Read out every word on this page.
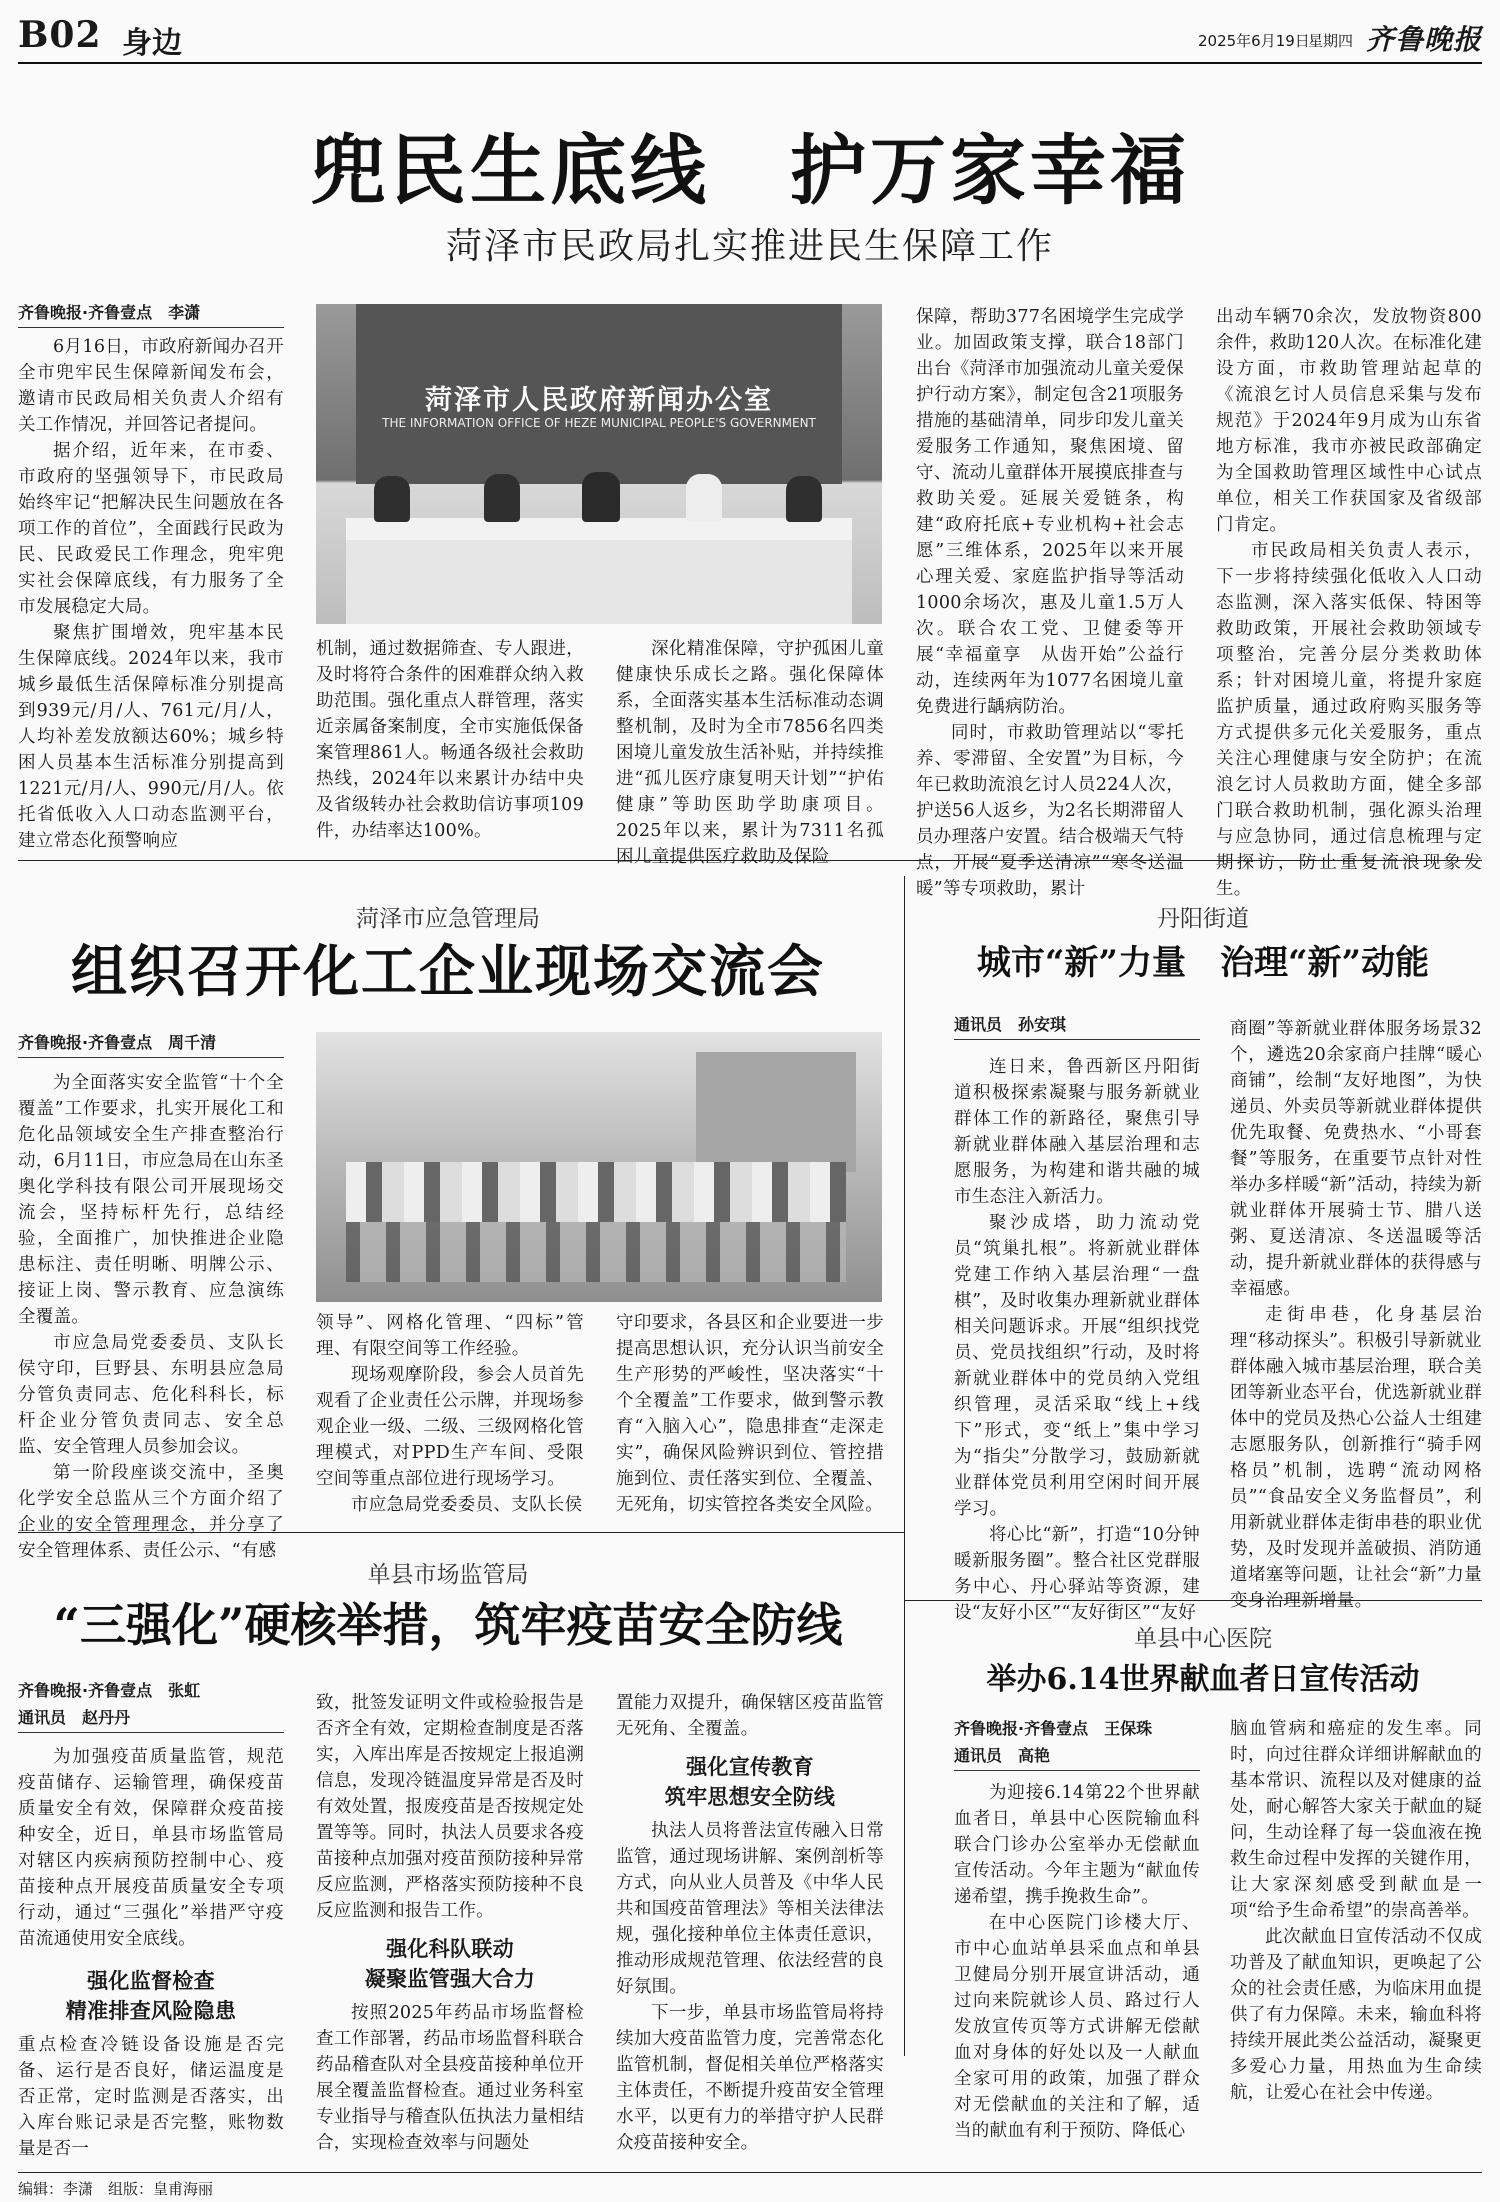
B02 身边	2025年6月19日
星期四 齐鲁晚报
兜民生底线　护万家幸福
菏泽市民政局扎实推进民生保障工作
齐鲁晚报·齐鲁壹点　李潇

6月16日，市政府新闻办召开全市兜牢民生保障新闻发布会，邀请市民政局相关负责人介绍有关工作情况，并回答记者提问。

据介绍，近年来，在市委、市政府的坚强领导下，市民政局始终牢记“把解决民生问题放在各项工作的首位”，全面践行民政为民、民政爱民工作理念，兜牢兜实社会保障底线，有力服务了全市发展稳定大局。

聚焦扩围增效，兜牢基本民生保障底线。2024年以来，我市城乡最低生活保障标准分别提高到939元/月/人、761元/月/人，人均补差发放额达60%；城乡特困人员基本生活标准分别提高到1221元/月/人、990元/月/人。依托省低收入人口动态监测平台，建立常态化预警响应

菏泽市人民政府新闻办公室
THE INFORMATION OFFICE OF HEZE MUNICIPAL PEOPLE'S GOVERNMENT
机制，通过数据筛查、专人跟进，及时将符合条件的困难群众纳入救助范围。强化重点人群管理，落实近亲属备案制度，全市实施低保备案管理861人。畅通各级社会救助热线，2024年以来累计办结中央及省级转办社会救助信访事项109件，办结率达100%。

深化精准保障，守护孤困儿童健康快乐成长之路。强化保障体系，全面落实基本生活标准动态调整机制，及时为全市7856名四类困境儿童发放生活补贴，并持续推进“孤儿医疗康复明天计划”“护佑健康”等助医助学助康项目。2025年以来，累计为7311名孤困儿童提供医疗救助及保险

保障，帮助377名困境学生完成学业。加固政策支撑，联合18部门出台《菏泽市加强流动儿童关爱保护行动方案》，制定包含21项服务措施的基础清单，同步印发儿童关爱服务工作通知，聚焦困境、留守、流动儿童群体开展摸底排查与救助关爱。延展关爱链条，构建“政府托底+专业机构+社会志愿”三维体系，2025年以来开展心理关爱、家庭监护指导等活动1000余场次，惠及儿童1.5万人次。联合农工党、卫健委等开展“幸福童享　从齿开始”公益行动，连续两年为1077名困境儿童免费进行龋病防治。

同时，市救助管理站以“零托养、零滞留、全安置”为目标，今年已救助流浪乞讨人员224人次，护送56人返乡，为2名长期滞留人员办理落户安置。结合极端天气特点，开展“夏季送清凉”“寒冬送温暖”等专项救助，累计

出动车辆70余次，发放物资800余件，救助120人次。在标准化建设方面，市救助管理站起草的《流浪乞讨人员信息采集与发布规范》于2024年9月成为山东省地方标准，我市亦被民政部确定为全国救助管理区域性中心试点单位，相关工作获国家及省级部门肯定。

市民政局相关负责人表示，下一步将持续强化低收入人口动态监测，深入落实低保、特困等救助政策，开展社会救助领域专项整治，完善分层分类救助体系；针对困境儿童，将提升家庭监护质量，通过政府购买服务等方式提供多元化关爱服务，重点关注心理健康与安全防护；在流浪乞讨人员救助方面，健全多部门联合救助机制，强化源头治理与应急协同，通过信息梳理与定期探访，防止重复流浪现象发生。

菏泽市应急管理局
组织召开化工企业现场交流会
齐鲁晚报·齐鲁壹点　周千清

为全面落实安全监管“十个全覆盖”工作要求，扎实开展化工和危化品领域安全生产排查整治行动，6月11日，市应急局在山东圣奥化学科技有限公司开展现场交流会，坚持标杆先行，总结经验，全面推广，加快推进企业隐患标注、责任明晰、明牌公示、接证上岗、警示教育、应急演练全覆盖。

市应急局党委委员、支队长侯守印，巨野县、东明县应急局分管负责同志、危化科科长，标杆企业分管负责同志、安全总监、安全管理人员参加会议。

第一阶段座谈交流中，圣奥化学安全总监从三个方面介绍了企业的安全管理理念，并分享了安全管理体系、责任公示、“有感

领导”、网格化管理、“四标”管理、有限空间等工作经验。

现场观摩阶段，参会人员首先观看了企业责任公示牌，并现场参观企业一级、二级、三级网格化管理模式，对PPD生产车间、受限空间等重点部位进行现场学习。

市应急局党委委员、支队长侯

守印要求，各县区和企业要进一步提高思想认识，充分认识当前安全生产形势的严峻性，坚决落实“十个全覆盖”工作要求，做到警示教育“入脑入心”，隐患排查“走深走实”，确保风险辨识到位、管控措施到位、责任落实到位、全覆盖、无死角，切实管控各类安全风险。
丹阳街道
城市“新”力量　治理“新”动能
通讯员　孙安琪

连日来，鲁西新区丹阳街道积极探索凝聚与服务新就业群体工作的新路径，聚焦引导新就业群体融入基层治理和志愿服务，为构建和谐共融的城市生态注入新活力。

聚沙成塔，助力流动党员“筑巢扎根”。将新就业群体党建工作纳入基层治理“一盘棋”，及时收集办理新就业群体相关问题诉求。开展“组织找党员、党员找组织”行动，及时将新就业群体中的党员纳入党组织管理，灵活采取“线上+线下”形式，变“纸上”集中学习为“指尖”分散学习，鼓励新就业群体党员利用空闲时间开展学习。

将心比“新”，打造“10分钟暖新服务圈”。整合社区党群服务中心、丹心驿站等资源，建设“友好小区”“友好街区”“友好

商圈”等新就业群体服务场景32个，遴选20余家商户挂牌“暖心商铺”，绘制“友好地图”，为快递员、外卖员等新就业群体提供优先取餐、免费热水、“小哥套餐”等服务，在重要节点针对性举办多样暖“新”活动，持续为新就业群体开展骑士节、腊八送粥、夏送清凉、冬送温暖等活动，提升新就业群体的获得感与幸福感。

走街串巷，化身基层治理“移动探头”。积极引导新就业群体融入城市基层治理，联合美团等新业态平台，优选新就业群体中的党员及热心公益人士组建志愿服务队，创新推行“骑手网格员”机制，选聘“流动网格员”“食品安全义务监督员”，利用新就业群体走街串巷的职业优势，及时发现并盖破损、消防通道堵塞等问题，让社会“新”力量变身治理新增量。

单县市场监管局
“三强化”硬核举措，筑牢疫苗安全防线
齐鲁晚报·齐鲁壹点　张虹
通讯员　赵丹丹

为加强疫苗质量监管，规范疫苗储存、运输管理，确保疫苗质量安全有效，保障群众疫苗接种安全，近日，单县市场监管局对辖区内疾病预防控制中心、疫苗接种点开展疫苗质量安全专项行动，通过“三强化”举措严守疫苗流通使用安全底线。

强化监督检查
精准排查风险隐患

重点检查冷链设备设施是否完备、运行是否良好，储运温度是否正常，定时监测是否落实，出入库台账记录是否完整，账物数量是否一

致，批签发证明文件或检验报告是否齐全有效，定期检查制度是否落实，入库出库是否按规定上报追溯信息，发现冷链温度异常是否及时有效处置，报废疫苗是否按规定处置等等。同时，执法人员要求各疫苗接种点加强对疫苗预防接种异常反应监测，严格落实预防接种不良反应监测和报告工作。

强化科队联动
凝聚监管强大合力

按照2025年药品市场监督检查工作部署，药品市场监督科联合药品稽查队对全县疫苗接种单位开展全覆盖监督检查。通过业务科室专业指导与稽查队伍执法力量相结合，实现检查效率与问题处

置能力双提升，确保辖区疫苗监管无死角、全覆盖。

强化宣传教育
筑牢思想安全防线

执法人员将普法宣传融入日常监管，通过现场讲解、案例剖析等方式，向从业人员普及《中华人民共和国疫苗管理法》等相关法律法规，强化接种单位主体责任意识，推动形成规范管理、依法经营的良好氛围。

下一步，单县市场监管局将持续加大疫苗监管力度，完善常态化监管机制，督促相关单位严格落实主体责任，不断提升疫苗安全管理水平，以更有力的举措守护人民群众疫苗接种安全。

单县中心医院
举办6.14世界献血者日宣传活动
齐鲁晚报·齐鲁壹点　王保珠
通讯员　高艳

为迎接6.14第22个世界献血者日，单县中心医院输血科联合门诊办公室举办无偿献血宣传活动。今年主题为“献血传递希望，携手挽救生命”。

在中心医院门诊楼大厅、市中心血站单县采血点和单县卫健局分别开展宣讲活动，通过向来院就诊人员、路过行人发放宣传页等方式讲解无偿献血对身体的好处以及一人献血全家可用的政策，加强了群众对无偿献血的关注和了解，适当的献血有利于预防、降低心

脑血管病和癌症的发生率。同时，向过往群众详细讲解献血的基本常识、流程以及对健康的益处，耐心解答大家关于献血的疑问，生动诠释了每一袋血液在挽救生命过程中发挥的关键作用，让大家深刻感受到献血是一项“给予生命希望”的崇高善举。

此次献血日宣传活动不仅成功普及了献血知识，更唤起了公众的社会责任感，为临床用血提供了有力保障。未来，输血科将持续开展此类公益活动，凝聚更多爱心力量，用热血为生命续航，让爱心在社会中传递。

编辑：李潇　组版：皇甫海丽
